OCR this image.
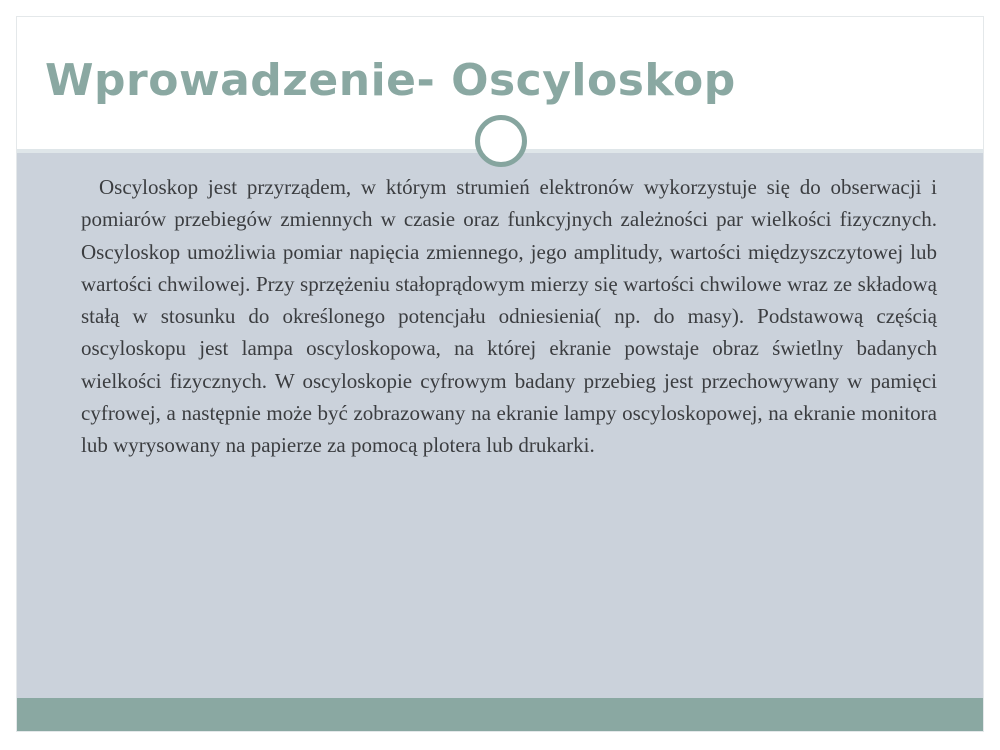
Wprowadzenie- Oscyloskop

Oscyloskop jest przyrządem, w którym strumień elektronów wykorzystuje się do obserwacji i pomiarów przebiegów zmiennych w czasie oraz funkcyjnych zależności par wielkości fizycznych. Oscyloskop umożliwia pomiar napięcia zmiennego, jego amplitudy, wartości międzyszczytowej lub wartości chwilowej. Przy sprzężeniu stałoprądowym mierzy się wartości chwilowe wraz ze składową stałą w stosunku do określonego potencjału odniesienia( np. do masy). Podstawową częścią oscyloskopu jest lampa oscyloskopowa, na której ekranie powstaje obraz świetlny badanych wielkości fizycznych. W oscyloskopie cyfrowym badany przebieg jest przechowywany w pamięci cyfrowej, a następnie może być zobrazowany na ekranie lampy oscyloskopowej, na ekranie monitora lub wyrysowany na papierze za pomocą plotera lub drukarki.
